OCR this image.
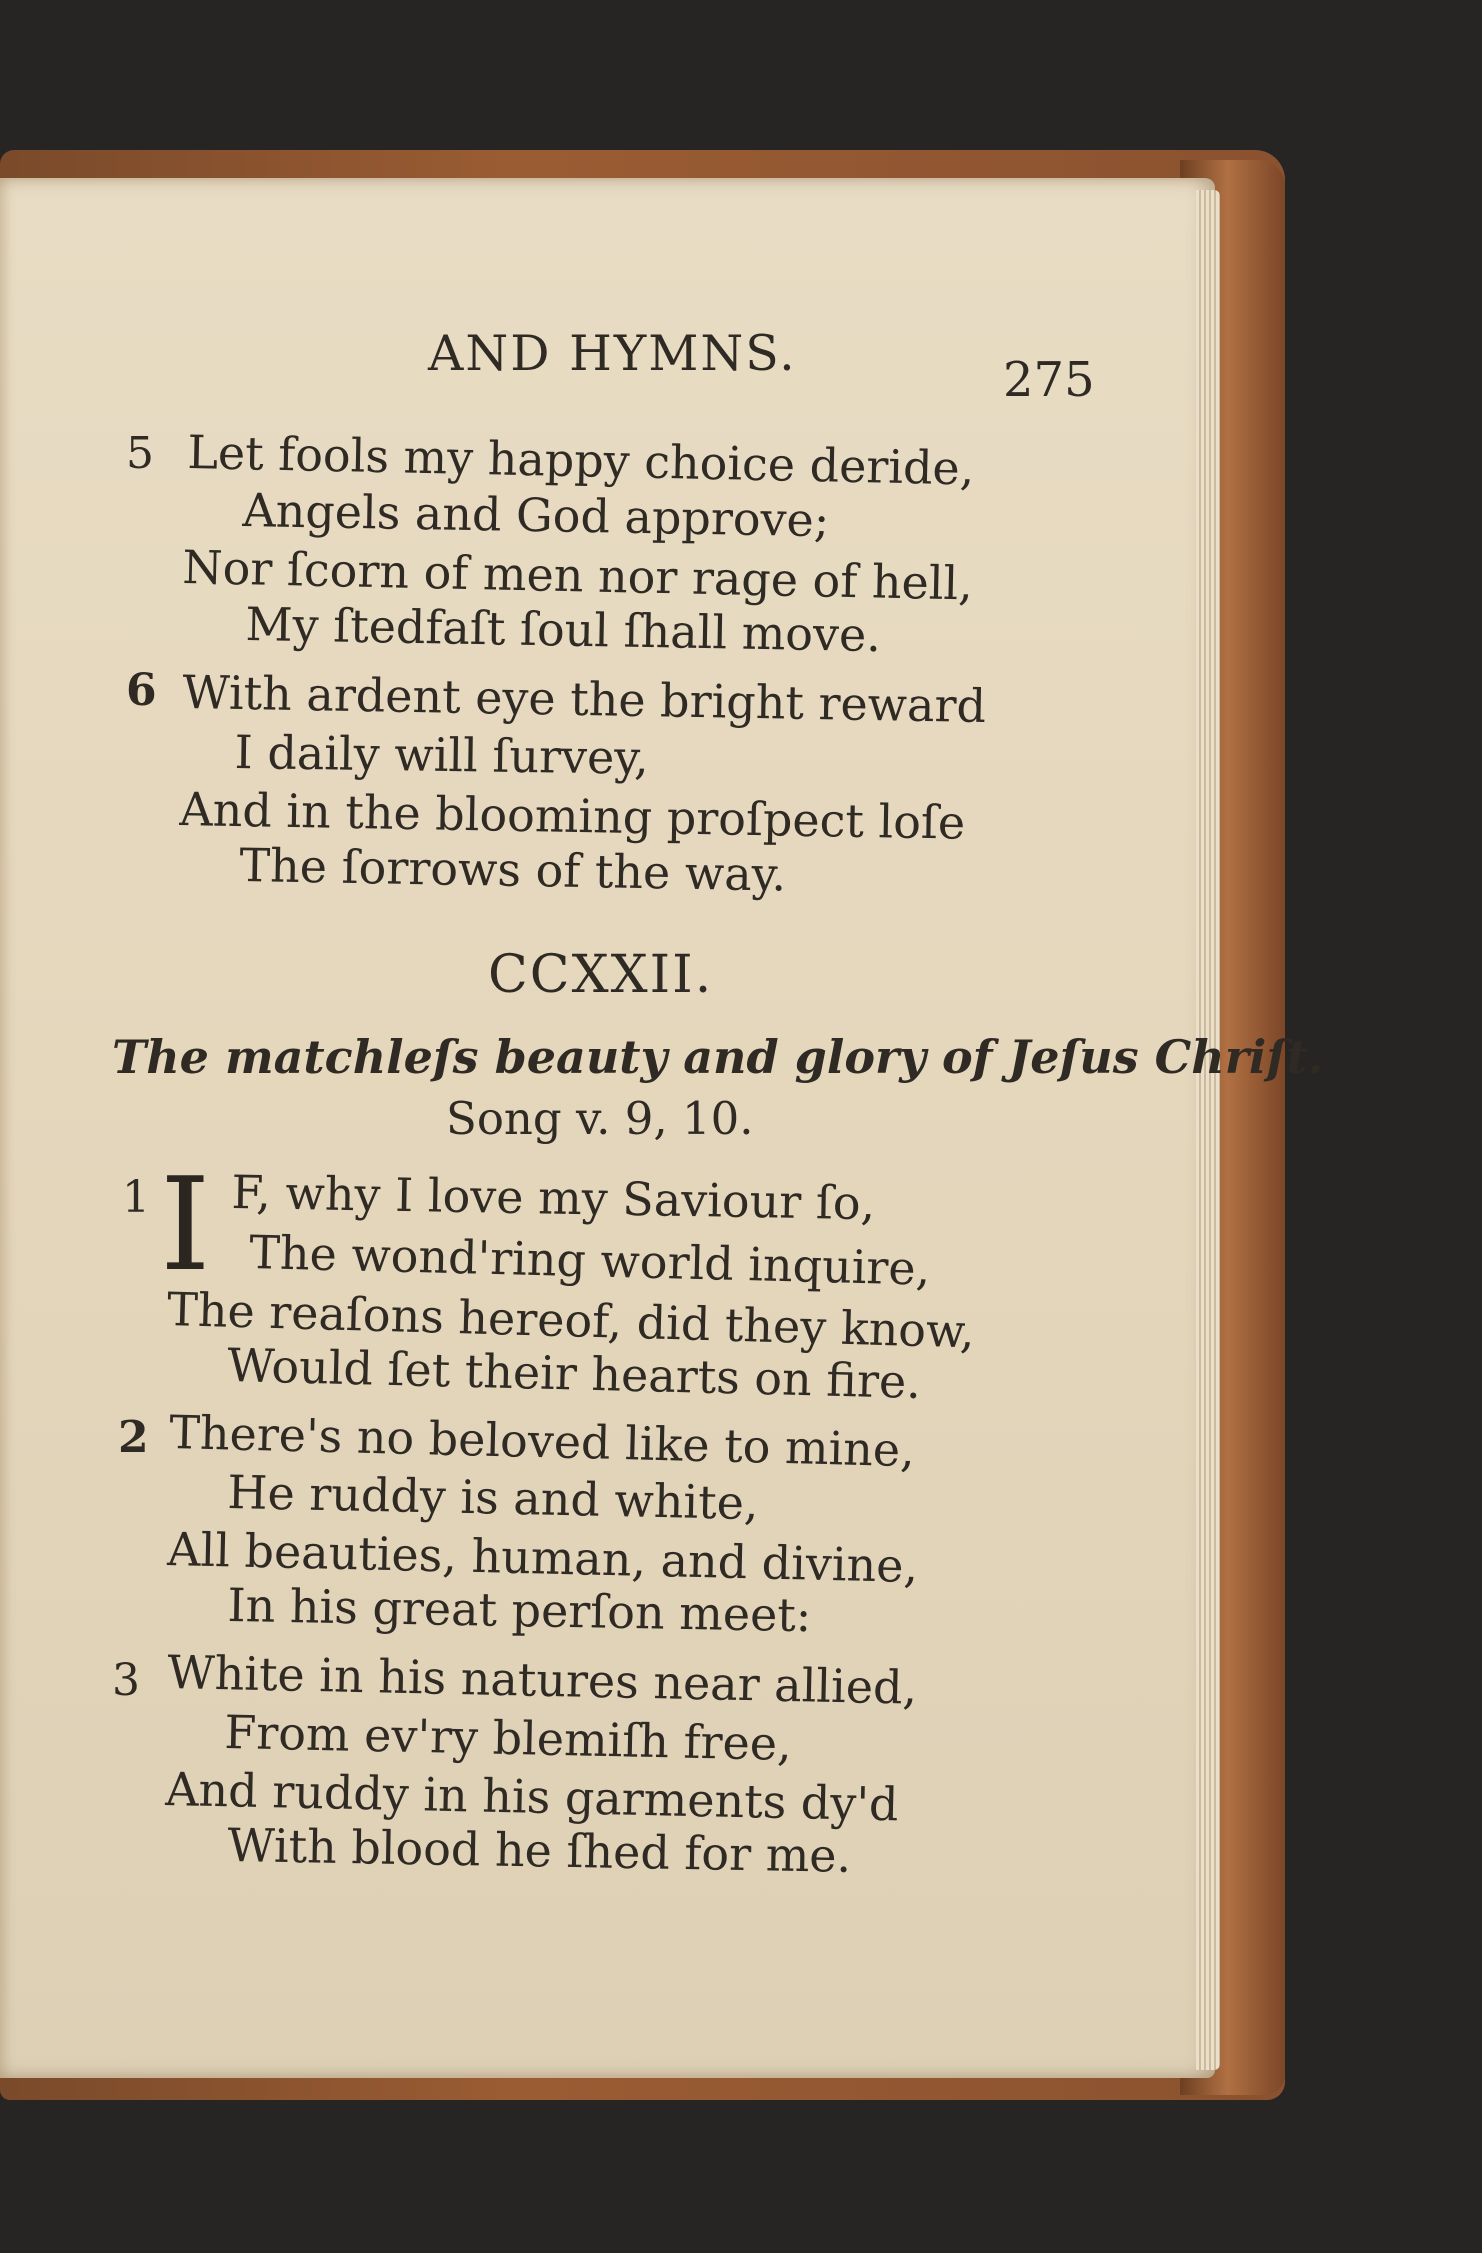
AND HYMNS.	275
5 Let fools my happy choice deride,
Angels and God approve;
Nor ſcorn of men nor rage of hell,
My ſtedfaſt ſoul ſhall move.
6 With ardent eye the bright reward
I daily will ſurvey,
And in the blooming proſpect loſe
The ſorrows of the way.
CCXXII.
The matchleſs beauty and glory of Jeſus Chriſt.
Song v. 9, 10.
1 I F, why I love my Saviour ſo,
The wond'ring world inquire,
The reaſons hereof, did they know,
Would ſet their hearts on fire.
2 There's no beloved like to mine,
He ruddy is and white,
All beauties, human, and divine,
In his great perſon meet:
3 White in his natures near allied,
From ev'ry blemiſh free,
And ruddy in his garments dy'd
With blood he ſhed for me.
